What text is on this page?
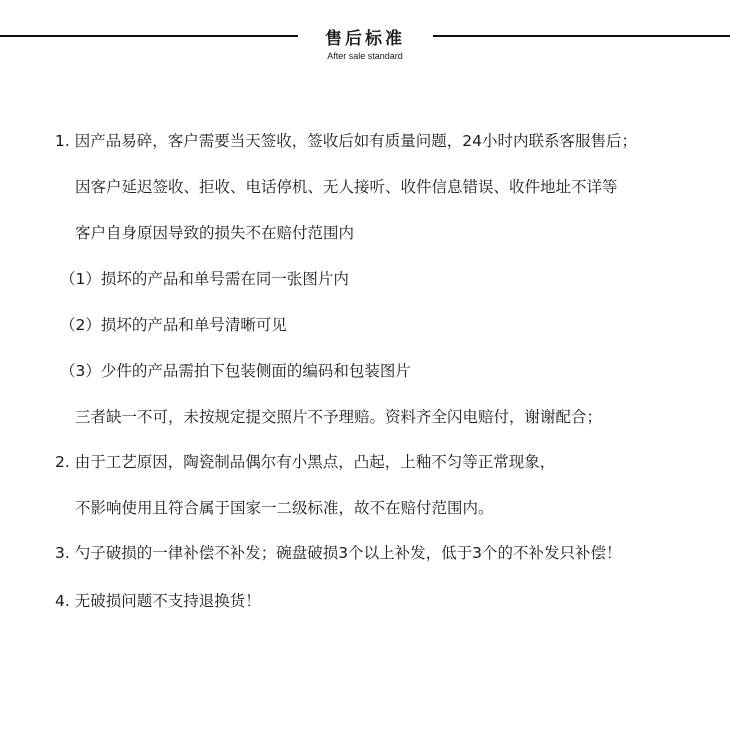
售后标准
After sale standard
1. 因产品易碎，客户需要当天签收，签收后如有质量问题，24小时内联系客服售后；
因客户延迟签收、拒收、电话停机、无人接听、收件信息错误、收件地址不详等
客户自身原因导致的损失不在赔付范围内
（1）损坏的产品和单号需在同一张图片内
（2）损坏的产品和单号清晰可见
（3）少件的产品需拍下包装侧面的编码和包装图片
三者缺一不可，未按规定提交照片不予理赔。资料齐全闪电赔付，谢谢配合；
2. 由于工艺原因，陶瓷制品偶尔有小黑点，凸起，上釉不匀等正常现象，
不影响使用且符合属于国家一二级标准，故不在赔付范围内。
3. 勺子破损的一律补偿不补发；碗盘破损3个以上补发，低于3个的不补发只补偿！
4. 无破损问题不支持退换货！
